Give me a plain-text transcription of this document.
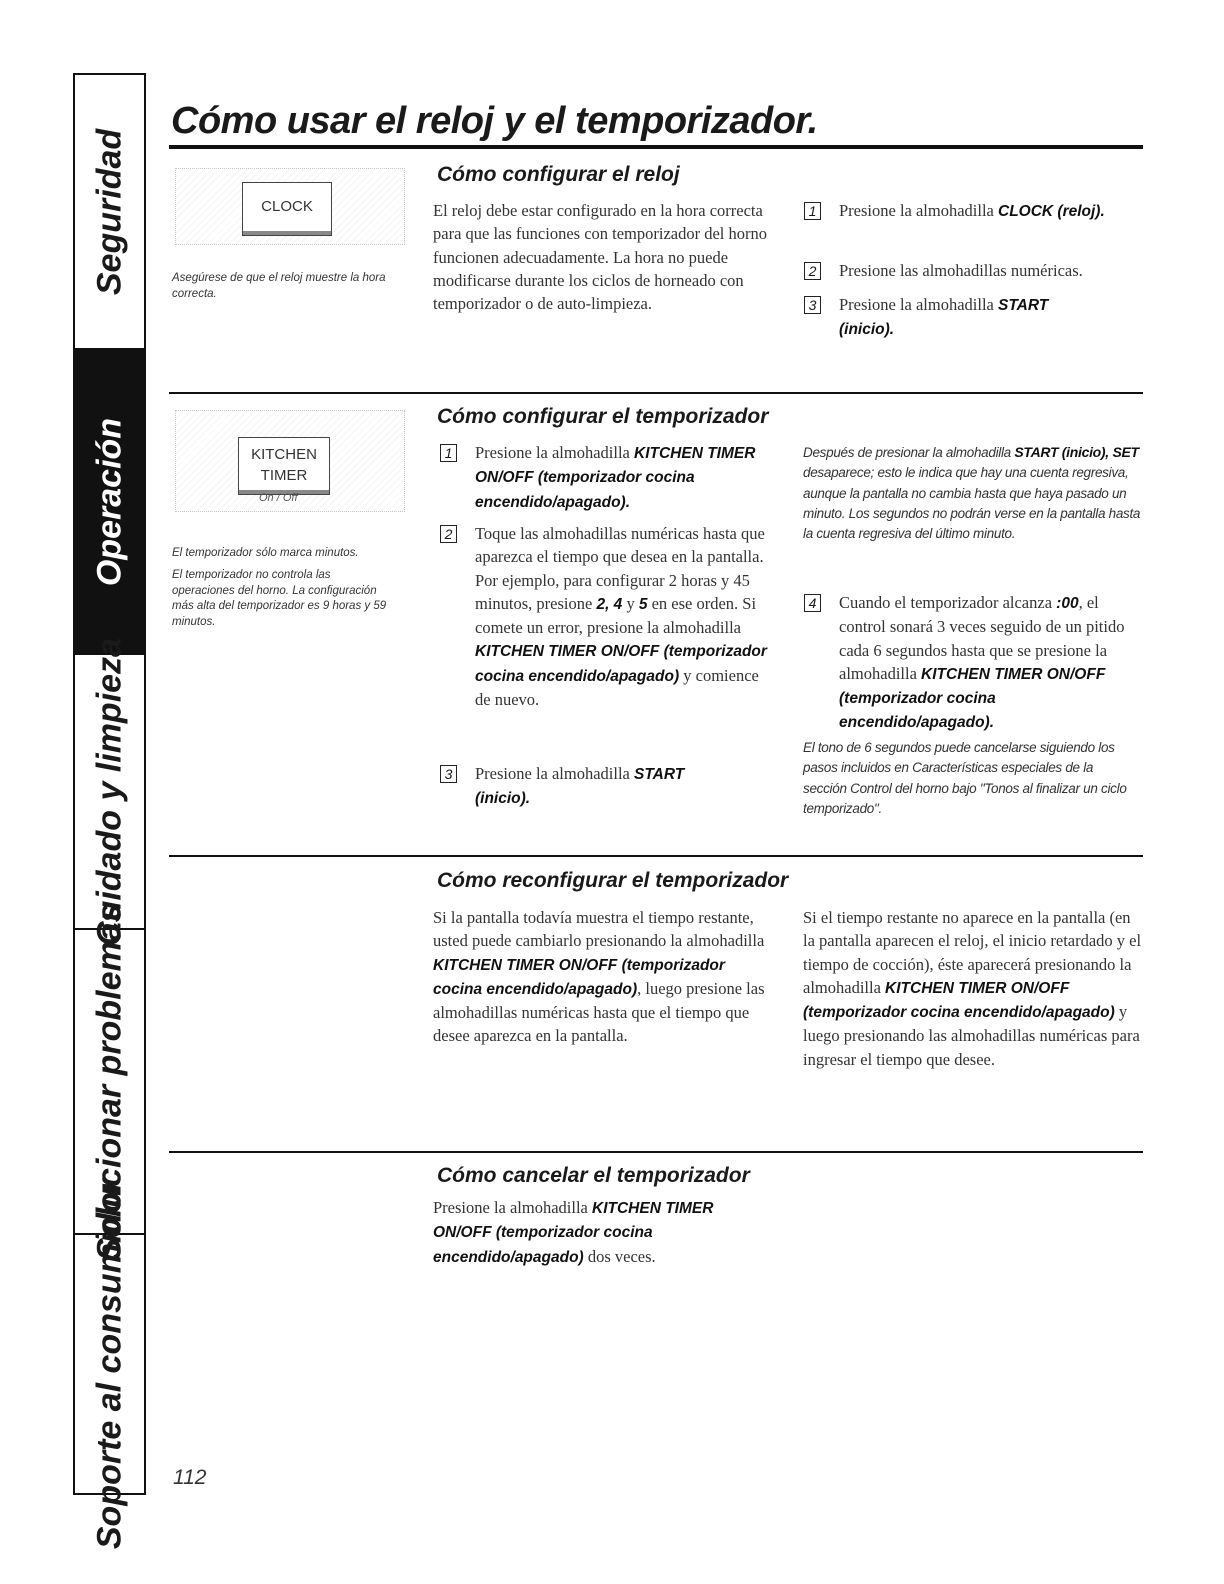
Seguridad
Operación
Cuidado y limpieza
Solucionar problemas
Soporte al consumidor
Cómo usar el reloj y el temporizador.
CLOCK
Asegúrese de que el reloj muestre la hora correcta.
Cómo configurar el reloj
El reloj debe estar configurado en la hora correcta para que las funciones con temporizador del horno funcionen adecuadamente. La hora no puede modificarse durante los ciclos de horneado con temporizador o de auto-limpieza.
1 Presione la almohadilla CLOCK (reloj).
2 Presione las almohadillas numéricas.
3 Presione la almohadilla START (inicio).
KITCHEN
TIMER
On / Off
El temporizador sólo marca minutos.
El temporizador no controla las operaciones del horno. La configuración más alta del temporizador es 9 horas y 59 minutos.
Cómo configurar el temporizador
1 Presione la almohadilla KITCHEN TIMER ON/OFF (temporizador cocina encendido/apagado).
2 Toque las almohadillas numéricas hasta que aparezca el tiempo que desea en la pantalla. Por ejemplo, para configurar 2 horas y 45 minutos, presione 2, 4 y 5 en ese orden. Si comete un error, presione la almohadilla KITCHEN TIMER ON/OFF (temporizador cocina encendido/apagado) y comience de nuevo.
3 Presione la almohadilla START (inicio).
Después de presionar la almohadilla START (inicio), SET desaparece; esto le indica que hay una cuenta regresiva, aunque la pantalla no cambia hasta que haya pasado un minuto. Los segundos no podrán verse en la pantalla hasta la cuenta regresiva del último minuto.
4 Cuando el temporizador alcanza :00, el control sonará 3 veces seguido de un pitido cada 6 segundos hasta que se presione la almohadilla KITCHEN TIMER ON/OFF (temporizador cocina encendido/apagado).
El tono de 6 segundos puede cancelarse siguiendo los pasos incluidos en Características especiales de la sección Control del horno bajo "Tonos al finalizar un ciclo temporizado".
Cómo reconfigurar el temporizador
Si la pantalla todavía muestra el tiempo restante, usted puede cambiarlo presionando la almohadilla KITCHEN TIMER ON/OFF (temporizador cocina encendido/apagado), luego presione las almohadillas numéricas hasta que el tiempo que desee aparezca en la pantalla.
Si el tiempo restante no aparece en la pantalla (en la pantalla aparecen el reloj, el inicio retardado y el tiempo de cocción), éste aparecerá presionando la almohadilla KITCHEN TIMER ON/OFF (temporizador cocina encendido/apagado) y luego presionando las almohadillas numéricas para ingresar el tiempo que desee.
Cómo cancelar el temporizador
Presione la almohadilla KITCHEN TIMER ON/OFF (temporizador cocina encendido/apagado) dos veces.
112
